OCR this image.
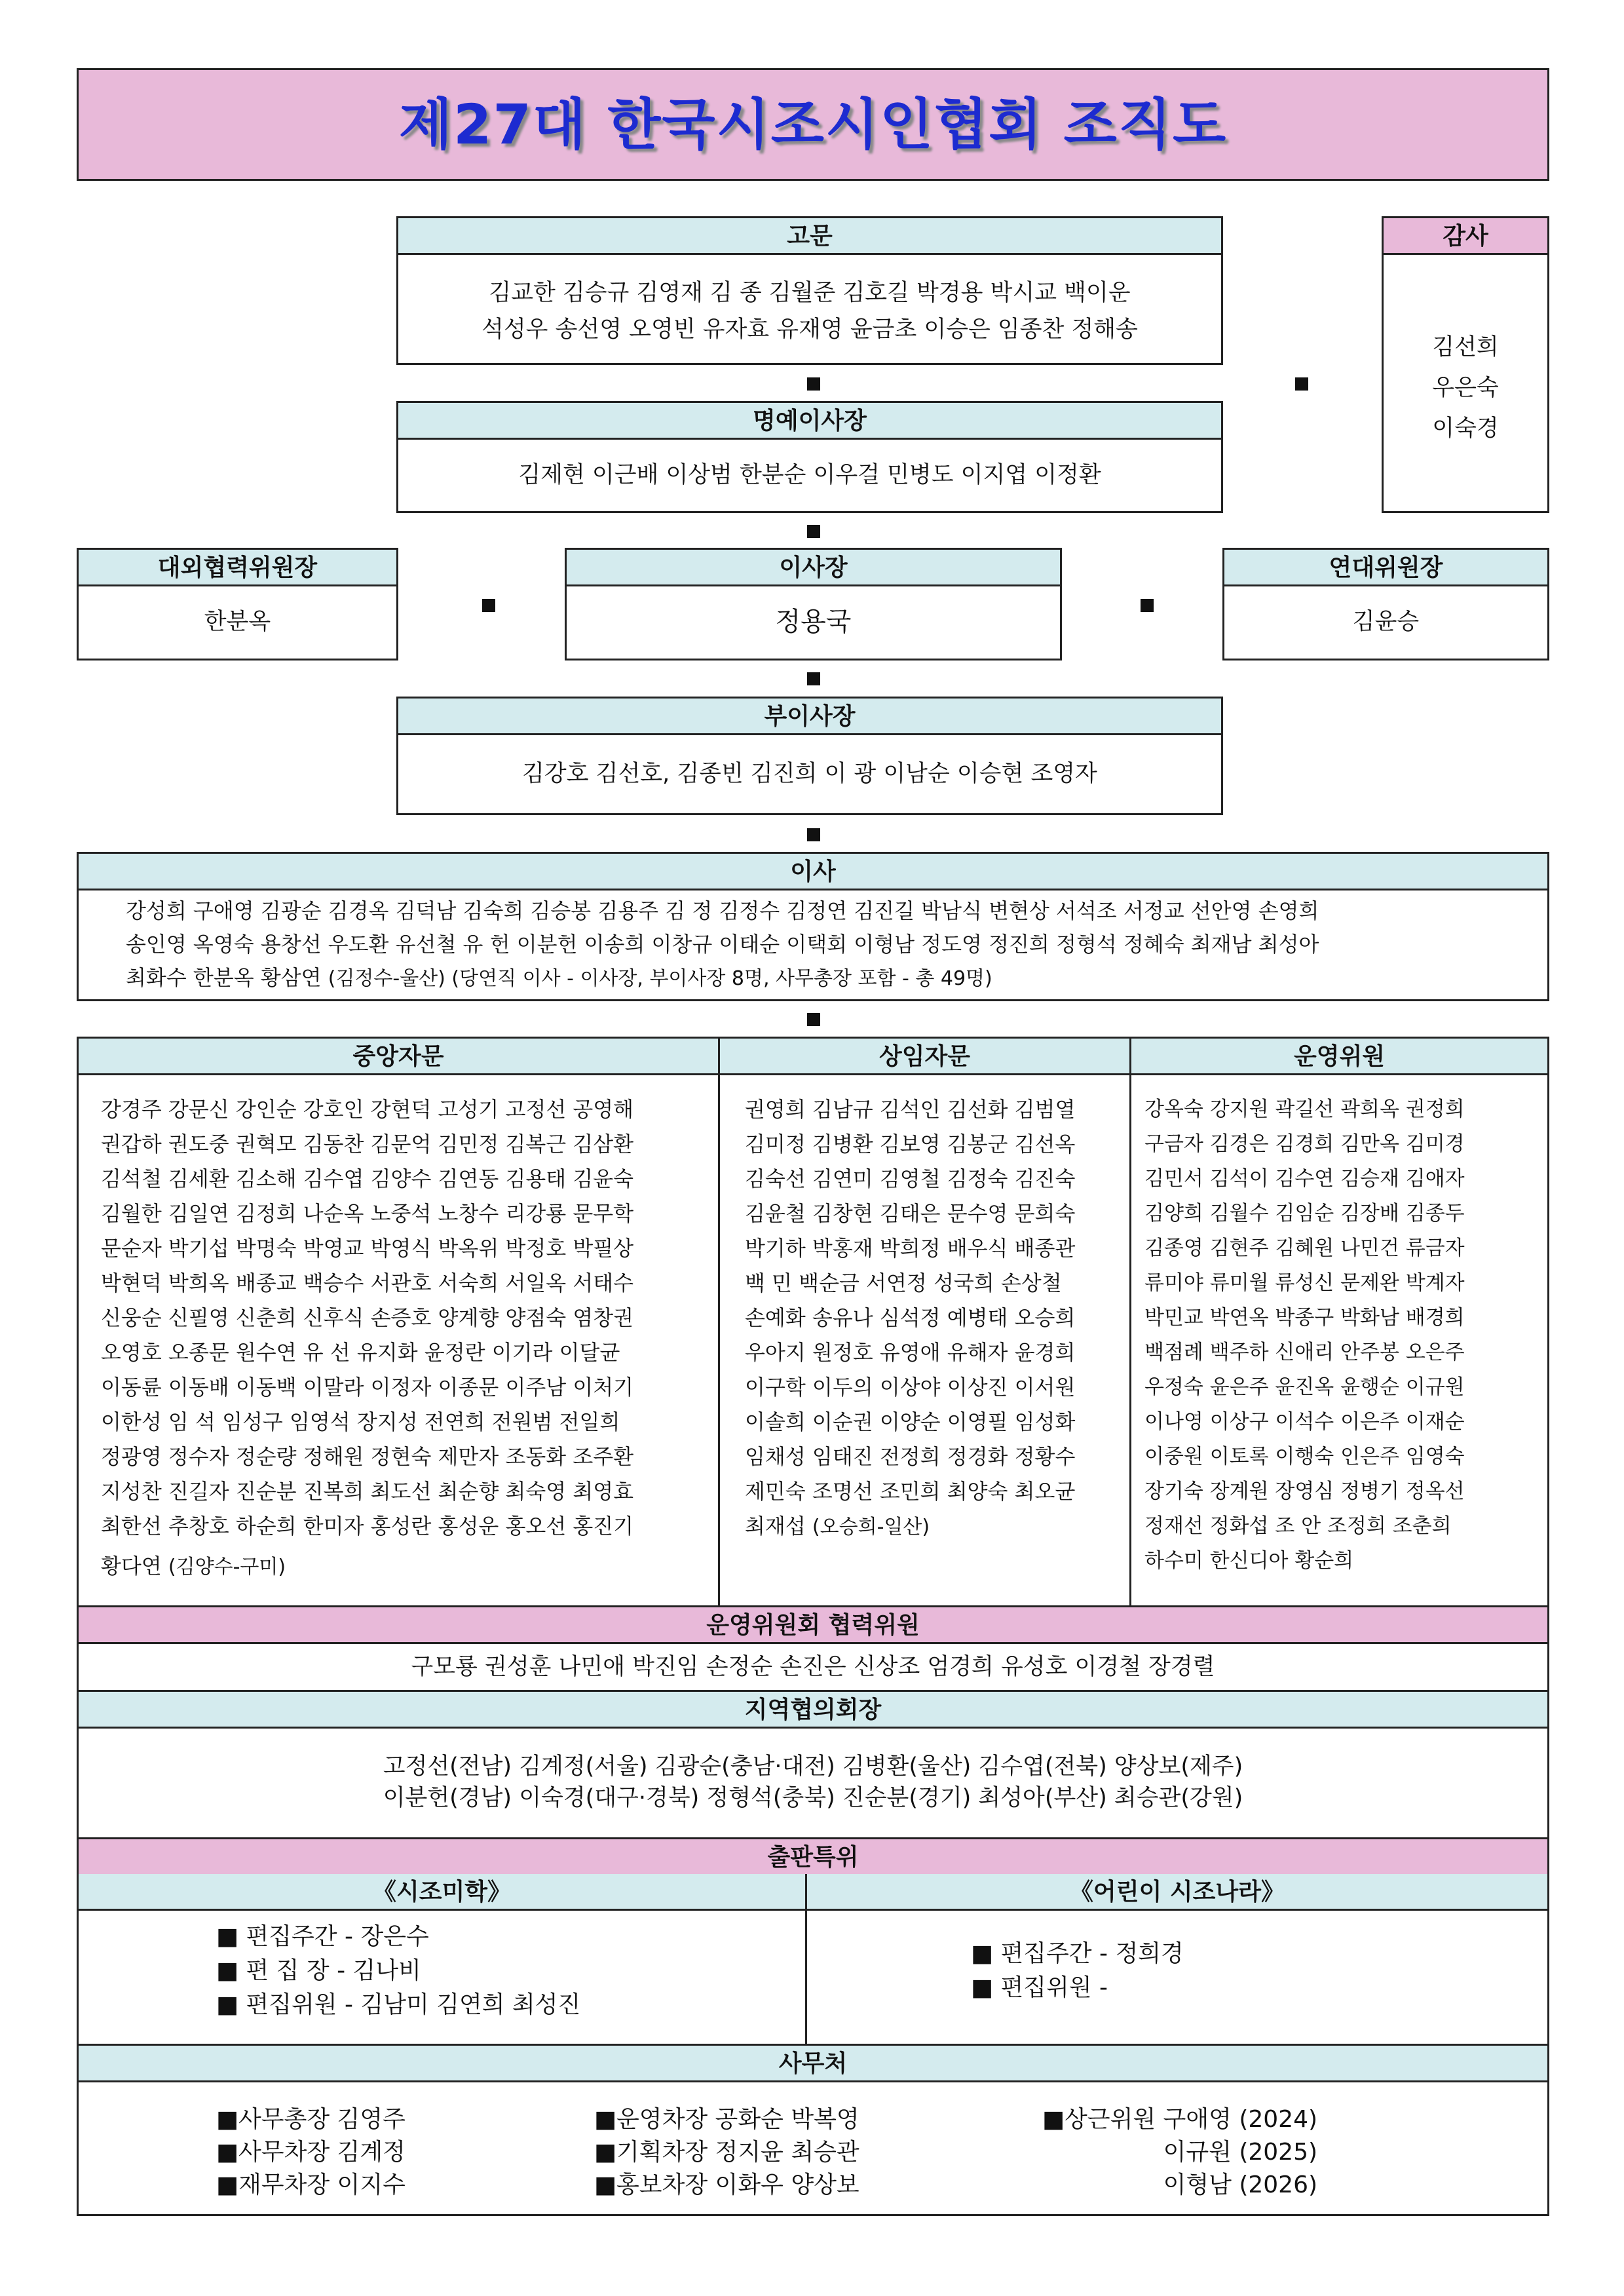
제27대 한국시조시인협회 조직도
고문
김교한 김승규 김영재 김 종 김월준 김호길 박경용 박시교 백이운
석성우 송선영 오영빈 유자효 유재영 윤금초 이승은 임종찬 정해송
감사
김선희
우은숙
이숙경
명예이사장
김제현 이근배 이상범 한분순 이우걸 민병도 이지엽 이정환
대외협력위원장
한분옥
이사장
정용국
연대위원장
김윤승
부이사장
김강호 김선호, 김종빈 김진희 이 광 이남순 이승현 조영자
이사
강성희 구애영 김광순 김경옥 김덕남 김숙희 김승봉 김용주 김 정 김정수 김정연 김진길 박남식 변현상 서석조 서정교 선안영 손영희
송인영 옥영숙 용창선 우도환 유선철 유 헌 이분헌 이송희 이창규 이태순 이택회 이형남 정도영 정진희 정형석 정혜숙 최재남 최성아
최화수 한분옥 황삼연 (김정수-울산) (당연직 이사 - 이사장, 부이사장 8명, 사무총장 포함 - 총 49명)
중앙자문
강경주 강문신 강인순 강호인 강현덕 고성기 고정선 공영해
권갑하 권도중 권혁모 김동찬 김문억 김민정 김복근 김삼환
김석철 김세환 김소해 김수엽 김양수 김연동 김용태 김윤숙
김월한 김일연 김정희 나순옥 노중석 노창수 리강룡 문무학
문순자 박기섭 박명숙 박영교 박영식 박옥위 박정호 박필상
박현덕 박희옥 배종교 백승수 서관호 서숙희 서일옥 서태수
신웅순 신필영 신춘희 신후식 손증호 양계향 양점숙 염창권
오영호 오종문 원수연 유 선 유지화 윤정란 이기라 이달균
이동륜 이동배 이동백 이말라 이정자 이종문 이주남 이처기
이한성 임 석 임성구 임영석 장지성 전연희 전원범 전일희
정광영 정수자 정순량 정해원 정현숙 제만자 조동화 조주환
지성찬 진길자 진순분 진복희 최도선 최순향 최숙영 최영효
최한선 추창호 하순희 한미자 홍성란 홍성운 홍오선 홍진기
황다연 (김양수-구미)
상임자문
권영희 김남규 김석인 김선화 김범열
김미정 김병환 김보영 김봉군 김선옥
김숙선 김연미 김영철 김정숙 김진숙
김윤철 김창현 김태은 문수영 문희숙
박기하 박홍재 박희정 배우식 배종관
백 민 백순금 서연정 성국희 손상철
손예화 송유나 심석정 예병태 오승희
우아지 원정호 유영애 유해자 윤경희
이구학 이두의 이상야 이상진 이서원
이솔희 이순권 이양순 이영필 임성화
임채성 임태진 전정희 정경화 정황수
제민숙 조명선 조민희 최양숙 최오균
최재섭 (오승희-일산)
운영위원
강옥숙 강지원 곽길선 곽희옥 권정희
구금자 김경은 김경희 김만옥 김미경
김민서 김석이 김수연 김승재 김애자
김양희 김월수 김임순 김장배 김종두
김종영 김현주 김혜원 나민건 류금자
류미야 류미월 류성신 문제완 박계자
박민교 박연옥 박종구 박화남 배경희
백점례 백주하 신애리 안주봉 오은주
우정숙 윤은주 윤진옥 윤행순 이규원
이나영 이상구 이석수 이은주 이재순
이중원 이토록 이행숙 인은주 임영숙
장기숙 장계원 장영심 정병기 정옥선
정재선 정화섭 조 안 조정희 조춘희
하수미 한신디아 황순희
운영위원회 협력위원
구모룡 권성훈 나민애 박진임 손정순 손진은 신상조 엄경희 유성호 이경철 장경렬
지역협의회장
고정선(전남) 김계정(서울) 김광순(충남·대전) 김병환(울산) 김수엽(전북) 양상보(제주)
이분헌(경남) 이숙경(대구·경북) 정형석(충북) 진순분(경기) 최성아(부산) 최승관(강원)
출판특위
《시조미학》
■ 편집주간 - 장은수
■ 편 집 장 - 김나비
■ 편집위원 - 김남미 김연희 최성진
《어린이 시조나라》
■ 편집주간 - 정희경
■ 편집위원 -
사무처
■사무총장 김영주
■사무차장 김계정
■재무차장 이지수
■운영차장 공화순 박복영
■기획차장 정지윤 최승관
■홍보차장 이화우 양상보
■상근위원 구애영 (2024)
이규원 (2025)
이형남 (2026)
